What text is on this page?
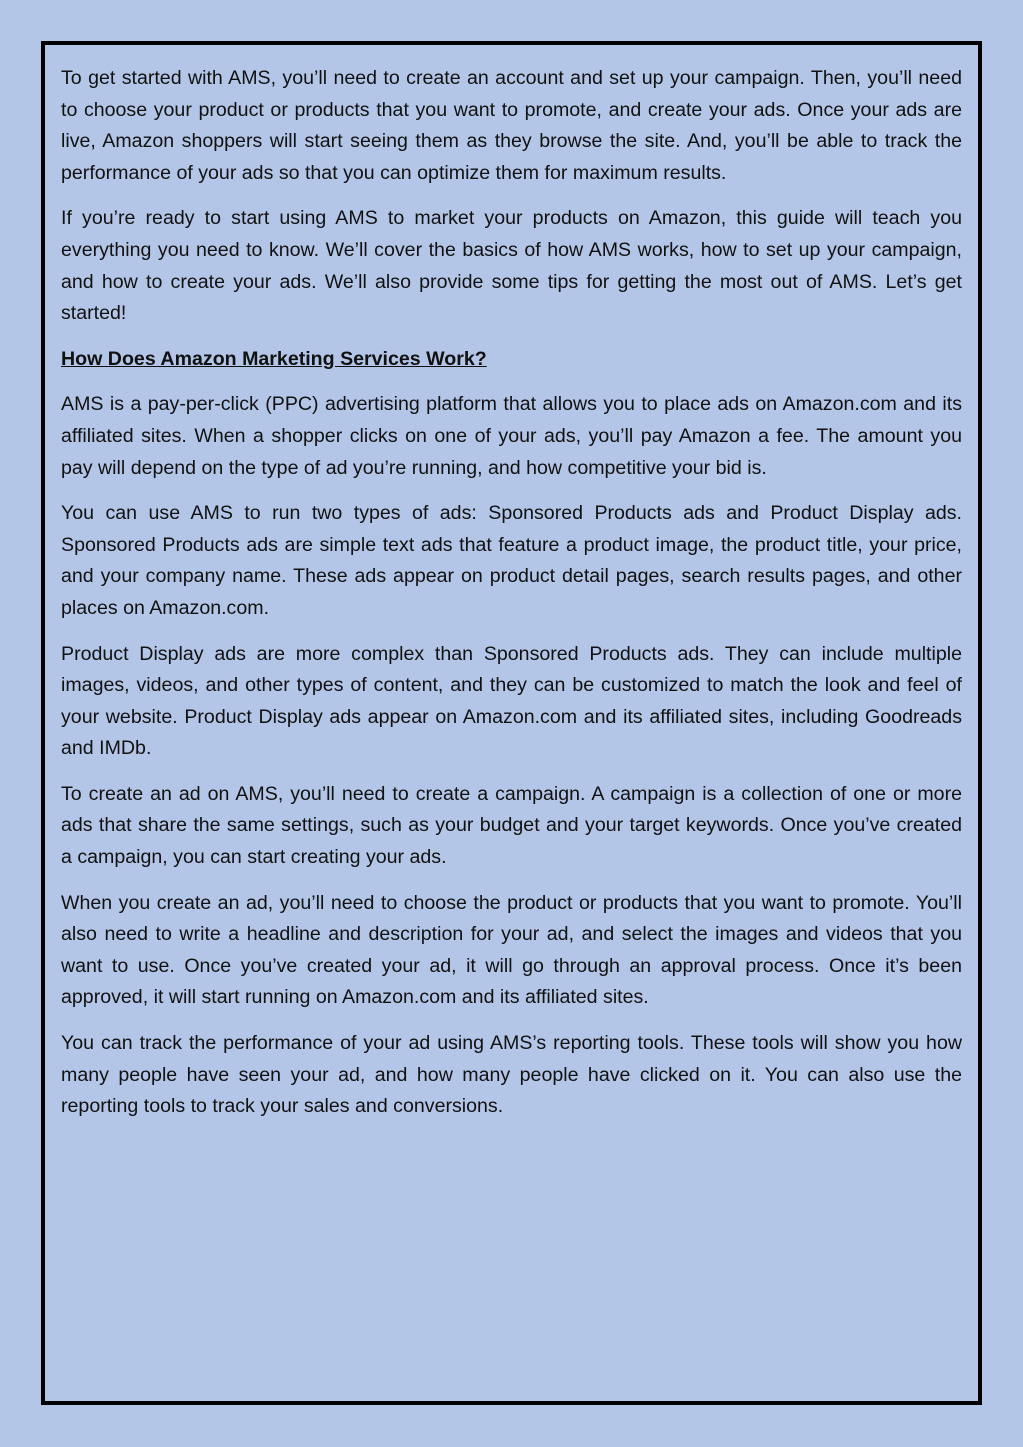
To get started with AMS, you’ll need to create an account and set up your campaign. Then, you’ll need to choose your product or products that you want to promote, and create your ads. Once your ads are live, Amazon shoppers will start seeing them as they browse the site. And, you’ll be able to track the performance of your ads so that you can optimize them for maximum results.

If you’re ready to start using AMS to market your products on Amazon, this guide will teach you everything you need to know. We’ll cover the basics of how AMS works, how to set up your campaign, and how to create your ads. We’ll also provide some tips for getting the most out of AMS. Let’s get started!

How Does Amazon Marketing Services Work?

AMS is a pay-per-click (PPC) advertising platform that allows you to place ads on Amazon.com and its affiliated sites. When a shopper clicks on one of your ads, you’ll pay Amazon a fee. The amount you pay will depend on the type of ad you’re running, and how competitive your bid is.

You can use AMS to run two types of ads: Sponsored Products ads and Product Display ads. Sponsored Products ads are simple text ads that feature a product image, the product title, your price, and your company name. These ads appear on product detail pages, search results pages, and other places on Amazon.com.

Product Display ads are more complex than Sponsored Products ads. They can include multiple images, videos, and other types of content, and they can be customized to match the look and feel of your website. Product Display ads appear on Amazon.com and its affiliated sites, including Goodreads and IMDb.

To create an ad on AMS, you’ll need to create a campaign. A campaign is a collection of one or more ads that share the same settings, such as your budget and your target keywords. Once you’ve created a campaign, you can start creating your ads.

When you create an ad, you’ll need to choose the product or products that you want to promote. You’ll also need to write a headline and description for your ad, and select the images and videos that you want to use. Once you’ve created your ad, it will go through an approval process. Once it’s been approved, it will start running on Amazon.com and its affiliated sites.

You can track the performance of your ad using AMS’s reporting tools. These tools will show you how many people have seen your ad, and how many people have clicked on it. You can also use the reporting tools to track your sales and conversions.
